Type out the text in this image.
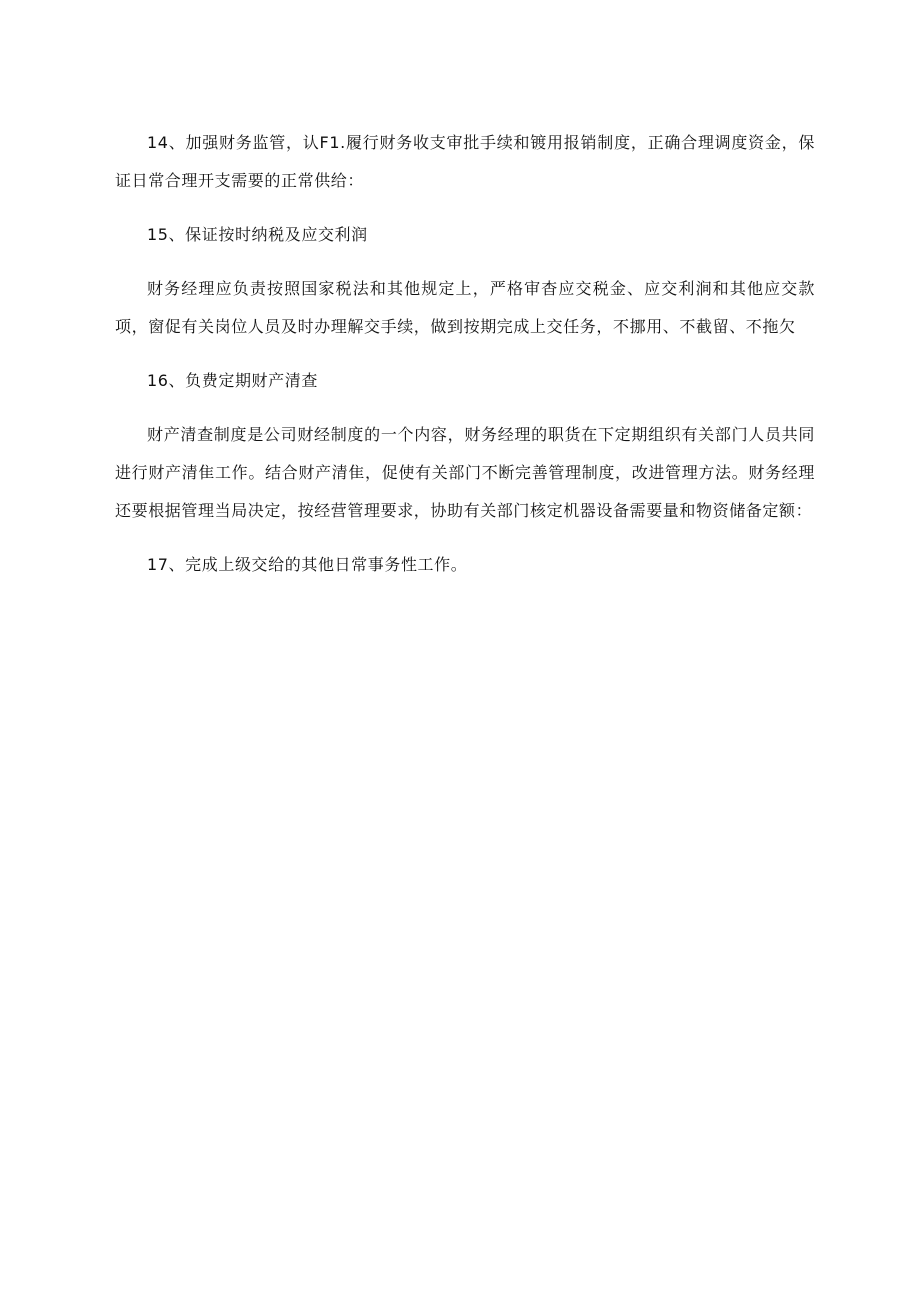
14、加强财务监管，认F1.履行财务收支审批手续和镀用报销制度，正确合理调度资金，保证日常合理开支需要的正常供给：

15、保证按时纳税及应交利润

财务经理应负责按照国家税法和其他规定上，严格审杳应交税金、应交利涧和其他应交款项，窗促有关岗位人员及时办理解交手续，做到按期完成上交任务，不挪用、不截留、不拖欠

16、负费定期财产清查

财产清查制度是公司财经制度的一个内容，财务经理的职货在下定期组织有关部门人员共同进行财产清隹工作。结合财产清隹，促使有关部门不断完善管理制度，改进管理方法。财务经理还要根据管理当局决定，按经营管理要求，协助有关部门核定机器设备需要量和物资储备定额：

17、完成上级交给的其他日常事务性工作。
